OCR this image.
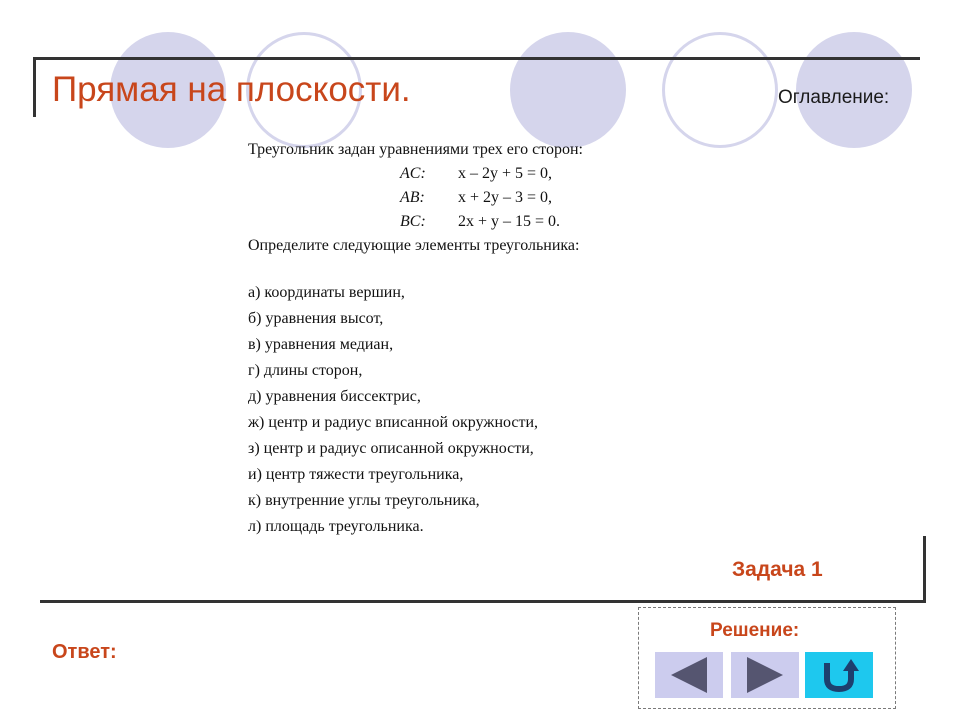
Прямая на плоскости.	Оглавление:
Треугольник задан уравнениями трех его сторон:
AC: x – 2y + 5 = 0,
AB: x + 2y – 3 = 0,
BC: 2x + y – 15 = 0.
Определите следующие элементы треугольника:
а) координаты вершин,
б) уравнения высот,
в) уравнения медиан,
г) длины сторон,
д) уравнения биссектрис,
ж) центр и радиус вписанной окружности,
з) центр и радиус описанной окружности,
и) центр тяжести треугольника,
к) внутренние углы треугольника,
л) площадь треугольника.
Задача 1
Ответ:
Решение:
